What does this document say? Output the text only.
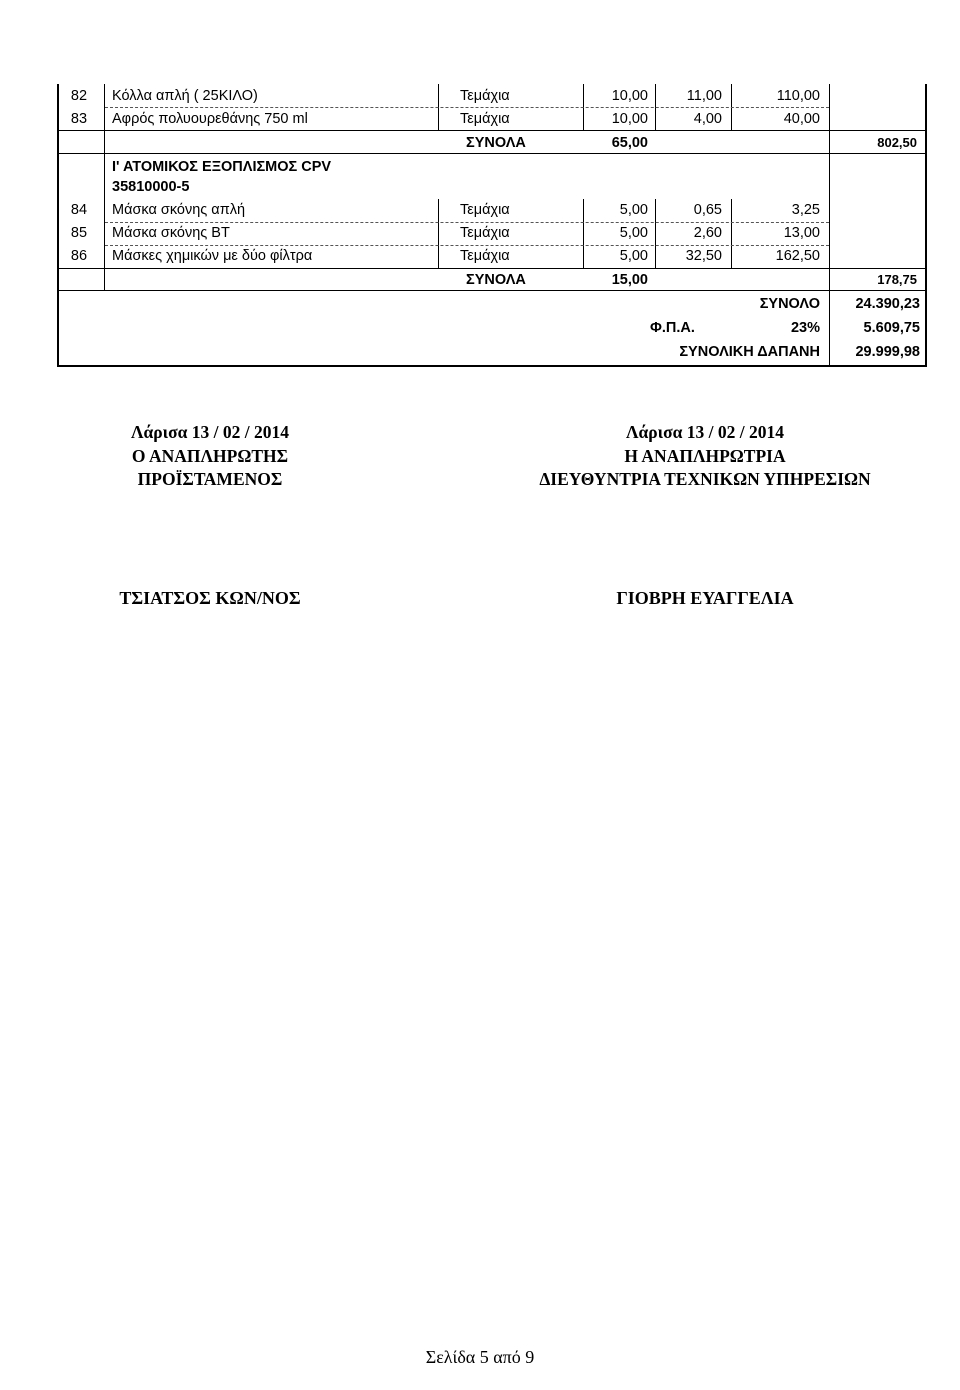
82	Κόλλα απλή ( 25ΚΙΛΟ)	Τεμάχια	10,00	11,00	110,00
83	Αφρός πολυουρεθάνης 750 ml	Τεμάχια	10,00	4,00	40,00
ΣΥΝΟΛΑ	65,00	802,50
Ι' ΑΤΟΜΙΚΟΣ ΕΞΟΠΛΙΣΜΟΣ CPV
35810000-5
84	Μάσκα σκόνης απλή	Τεμάχια	5,00	0,65	3,25
85	Μάσκα σκόνης ΒΤ	Τεμάχια	5,00	2,60	13,00
86	Μάσκες χημικών με δύο φίλτρα	Τεμάχια	5,00	32,50	162,50
ΣΥΝΟΛΑ	15,00	178,75
ΣΥΝΟΛΟ	24.390,23
Φ.Π.Α.	23%	5.609,75
ΣΥΝΟΛΙΚΗ ΔΑΠΑΝΗ	29.999,98
Λάρισα 13 / 02 / 2014
Ο ΑΝΑΠΛΗΡΩΤΗΣ
ΠΡΟΪΣΤΑΜΕΝΟΣ
Λάρισα 13 / 02 / 2014
Η ΑΝΑΠΛΗΡΩΤΡΙΑ
ΔΙΕΥΘΥΝΤΡΙΑ ΤΕΧΝΙΚΩΝ ΥΠΗΡΕΣΙΩΝ
ΤΣΙΑΤΣΟΣ ΚΩΝ/ΝΟΣ	ΓΙΟΒΡΗ ΕΥΑΓΓΕΛΙΑ
Σελίδα 5 από 9
